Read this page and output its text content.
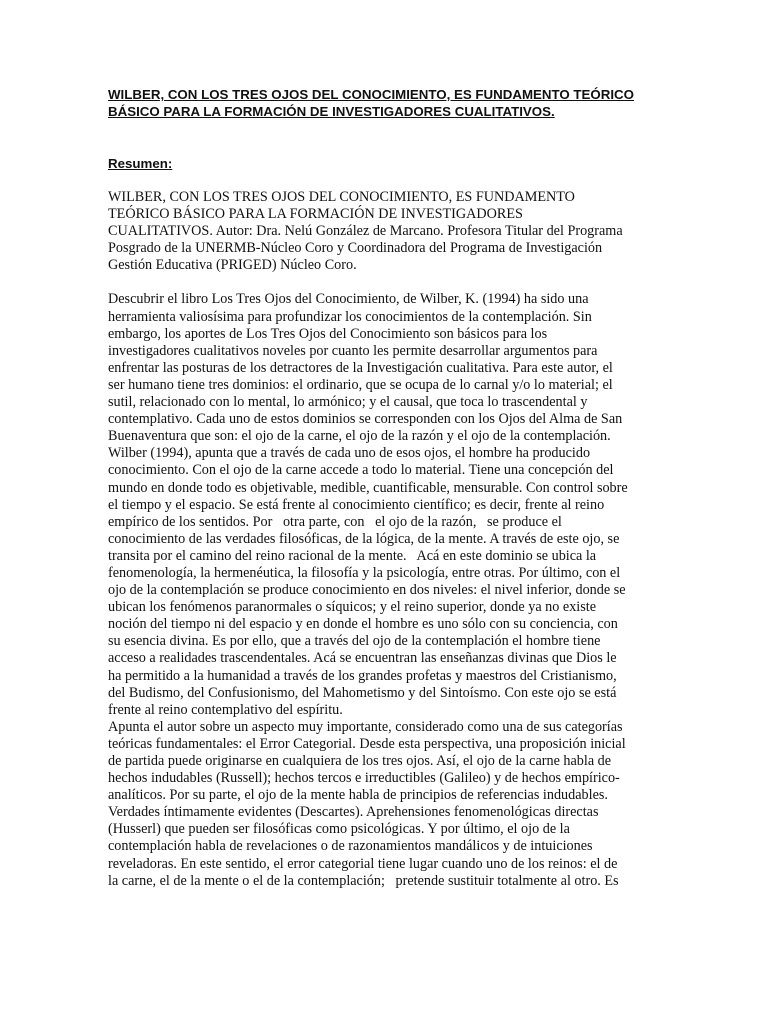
WILBER, CON LOS TRES OJOS DEL CONOCIMIENTO, ES FUNDAMENTO TEÓRICO
BÁSICO PARA LA FORMACIÓN DE INVESTIGADORES CUALITATIVOS.
Resumen:
WILBER, CON LOS TRES OJOS DEL CONOCIMIENTO, ES FUNDAMENTO
TEÓRICO BÁSICO PARA LA FORMACIÓN DE INVESTIGADORES
CUALITATIVOS. Autor: Dra. Nelú González de Marcano. Profesora Titular del Programa
Posgrado de la UNERMB-Núcleo Coro y Coordinadora del Programa de Investigación
Gestión Educativa (PRIGED) Núcleo Coro.
Descubrir el libro Los Tres Ojos del Conocimiento, de Wilber, K. (1994) ha sido una
herramienta valiosísima para profundizar los conocimientos de la contemplación. Sin
embargo, los aportes de Los Tres Ojos del Conocimiento son básicos para los
investigadores cualitativos noveles por cuanto les permite desarrollar argumentos para
enfrentar las posturas de los detractores de la Investigación cualitativa. Para este autor, el
ser humano tiene tres dominios: el ordinario, que se ocupa de lo carnal y/o lo material; el
sutil, relacionado con lo mental, lo armónico; y el causal, que toca lo trascendental y
contemplativo. Cada uno de estos dominios se corresponden con los Ojos del Alma de San
Buenaventura que son: el ojo de la carne, el ojo de la razón y el ojo de la contemplación.
Wilber (1994), apunta que a través de cada uno de esos ojos, el hombre ha producido
conocimiento. Con el ojo de la carne accede a todo lo material. Tiene una concepción del
mundo en donde todo es objetivable, medible, cuantificable, mensurable. Con control sobre
el tiempo y el espacio. Se está frente al conocimiento científico; es decir, frente al reino
empírico de los sentidos. Por   otra parte, con   el ojo de la razón,   se produce el
conocimiento de las verdades filosóficas, de la lógica, de la mente. A través de este ojo, se
transita por el camino del reino racional de la mente.   Acá en este dominio se ubica la
fenomenología, la hermenéutica, la filosofía y la psicología, entre otras. Por último, con el
ojo de la contemplación se produce conocimiento en dos niveles: el nivel inferior, donde se
ubican los fenómenos paranormales o síquicos; y el reino superior, donde ya no existe
noción del tiempo ni del espacio y en donde el hombre es uno sólo con su conciencia, con
su esencia divina. Es por ello, que a través del ojo de la contemplación el hombre tiene
acceso a realidades trascendentales. Acá se encuentran las enseñanzas divinas que Dios le
ha permitido a la humanidad a través de los grandes profetas y maestros del Cristianismo,
del Budismo, del Confusionismo, del Mahometismo y del Sintoísmo. Con este ojo se está
frente al reino contemplativo del espíritu.
Apunta el autor sobre un aspecto muy importante, considerado como una de sus categorías
teóricas fundamentales: el Error Categorial. Desde esta perspectiva, una proposición inicial
de partida puede originarse en cualquiera de los tres ojos. Así, el ojo de la carne habla de
hechos indudables (Russell); hechos tercos e irreductibles (Galileo) y de hechos empírico-
analíticos. Por su parte, el ojo de la mente habla de principios de referencias indudables.
Verdades íntimamente evidentes (Descartes). Aprehensiones fenomenológicas directas
(Husserl) que pueden ser filosóficas como psicológicas. Y por último, el ojo de la
contemplación habla de revelaciones o de razonamientos mandálicos y de intuiciones
reveladoras. En este sentido, el error categorial tiene lugar cuando uno de los reinos: el de
la carne, el de la mente o el de la contemplación;   pretende sustituir totalmente al otro. Es
